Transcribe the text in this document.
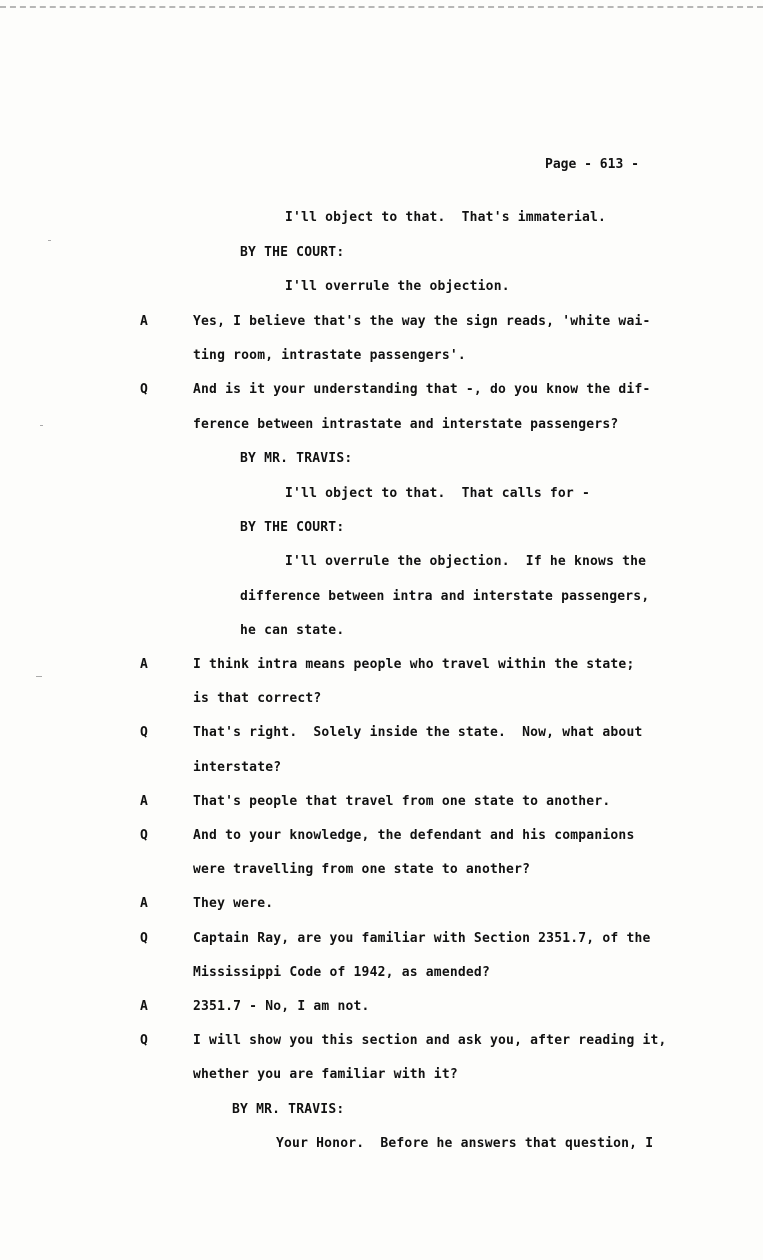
Page - 613 -
I'll object to that.  That's immaterial.
BY THE COURT:
I'll overrule the objection.
A	Yes, I believe that's the way the sign reads, 'white wai-
ting room, intrastate passengers'.
Q	And is it your understanding that -, do you know the dif-
ference between intrastate and interstate passengers?
BY MR. TRAVIS:
I'll object to that.  That calls for -
BY THE COURT:
I'll overrule the objection.  If he knows the
difference between intra and interstate passengers,
he can state.
A	I think intra means people who travel within the state;
is that correct?
Q	That's right.  Solely inside the state.  Now, what about
interstate?
A	That's people that travel from one state to another.
Q	And to your knowledge, the defendant and his companions
were travelling from one state to another?
A	They were.
Q	Captain Ray, are you familiar with Section 2351.7, of the
Mississippi Code of 1942, as amended?
A	2351.7 - No, I am not.
Q	I will show you this section and ask you, after reading it,
whether you are familiar with it?
BY MR. TRAVIS:
Your Honor.  Before he answers that question, I
